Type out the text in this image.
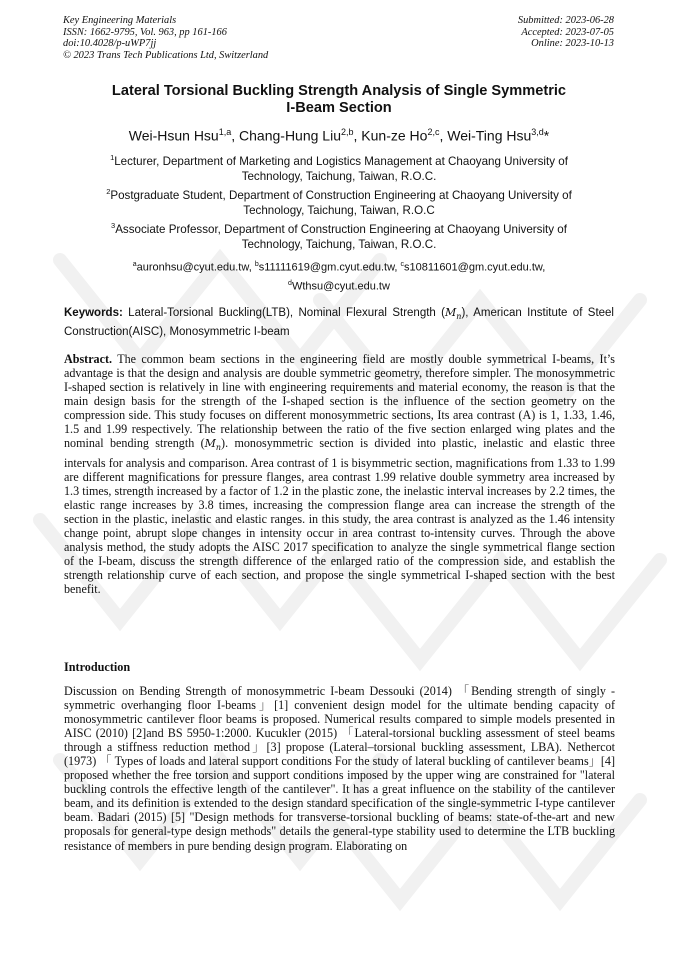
Key Engineering Materials
ISSN: 1662-9795, Vol. 963, pp 161-166
doi:10.4028/p-uWP7jj
© 2023 Trans Tech Publications Ltd, Switzerland
Submitted: 2023-06-28
Accepted: 2023-07-05
Online: 2023-10-13
Lateral Torsional Buckling Strength Analysis of Single Symmetric
I-Beam Section
Wei-Hsun Hsu$^{1,a}$, Chang-Hung Liu$^{2,b}$, Kun-ze Ho$^{2,c}$, Wei-Ting Hsu$^{3,d}$*
$^1$Lecturer, Department of Marketing and Logistics Management at Chaoyang University of
Technology, Taichung, Taiwan, R.O.C.
$^2$Postgraduate Student, Department of Construction Engineering at Chaoyang University of
Technology, Taichung, Taiwan, R.O.C
$^3$Associate Professor, Department of Construction Engineering at Chaoyang University of
Technology, Taichung, Taiwan, R.O.C.
$^a$auronhsu@cyut.edu.tw, $^b$s11111619@gm.cyut.edu.tw, $^c$s10811601@gm.cyut.edu.tw,
$^d$Wthsu@cyut.edu.tw
Keywords: Lateral-Torsional Buckling(LTB), Nominal Flexural Strength $(M_n)$, American Institute of Steel Construction(AISC), Monosymmetric I-beam
Abstract. The common beam sections in the engineering field are mostly double symmetrical I-beams, It’s advantage is that the design and analysis are double symmetric geometry, therefore simpler. The monosymmetric I-shaped section is relatively in line with engineering requirements and material economy, the reason is that the main design basis for the strength of the I-shaped section is the influence of the section geometry on the compression side. This study focuses on different monosymmetric sections, Its area contrast (A) is 1, 1.33, 1.46, 1.5 and 1.99 respectively. The relationship between the ratio of the five section enlarged wing plates and the nominal bending strength $(M_n)$. monosymmetric section is divided into plastic, inelastic and elastic three intervals for analysis and comparison. Area contrast of 1 is bisymmetric section, magnifications from 1.33 to 1.99 are different magnifications for pressure flanges, area contrast 1.99 relative double symmetry area increased by 1.3 times, strength increased by a factor of 1.2 in the plastic zone, the inelastic interval increases by 2.2 times, the elastic range increases by 3.8 times, increasing the compression flange area can increase the strength of the section in the plastic, inelastic and elastic ranges. in this study, the area contrast is analyzed as the 1.46 intensity change point, abrupt slope changes in intensity occur in area contrast to-intensity curves. Through the above analysis method, the study adopts the AISC 2017 specification to analyze the single symmetrical flange section of the I-beam, discuss the strength difference of the enlarged ratio of the compression side, and establish the strength relationship curve of each section, and propose the single symmetrical I-shaped section with the best benefit.
Introduction
Discussion on Bending Strength of monosymmetric I-beam Dessouki (2014) 「Bending strength of singly -symmetric overhanging floor I-beams」[1] convenient design model for the ultimate bending capacity of monosymmetric cantilever floor beams is proposed. Numerical results compared to simple models presented in AISC (2010) [2]and BS 5950-1:2000. Kucukler (2015) 「Lateral-torsional buckling assessment of steel beams through a stiffness reduction method」[3] propose (Lateral–torsional buckling assessment, LBA). Nethercot (1973) 「 Types of loads and lateral support conditions For the study of lateral buckling of cantilever beams」[4] proposed whether the free torsion and support conditions imposed by the upper wing are constrained for "lateral buckling controls the effective length of the cantilever". It has a great influence on the stability of the cantilever beam, and its definition is extended to the design standard specification of the single-symmetric I-type cantilever beam. Badari (2015) [5] "Design methods for transverse-torsional buckling of beams: state-of-the-art and new proposals for general-type design methods" details the general-type stability used to determine the LTB buckling resistance of members in pure bending design program. Elaborating on
